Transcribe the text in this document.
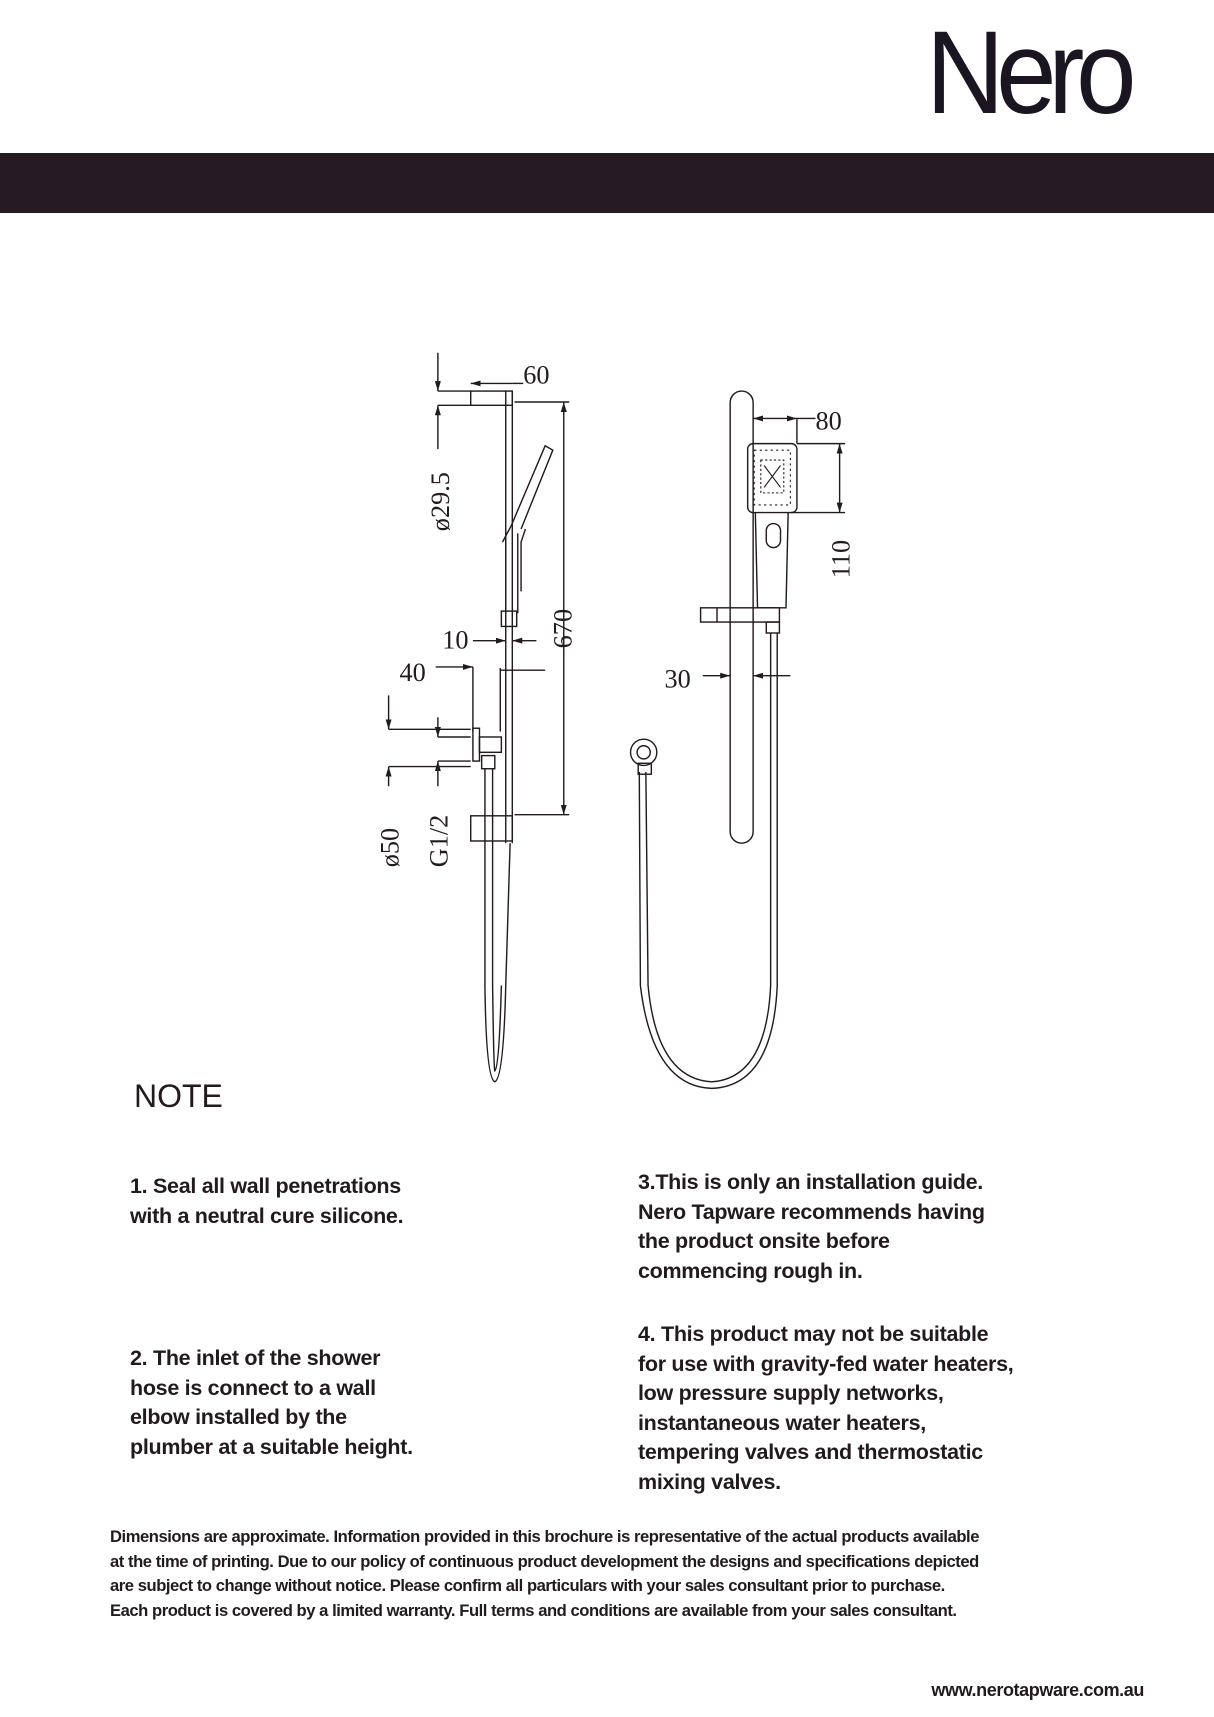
Nero
60
ø29.5
670
10
40
ø50 G1/2
80
110
30
NOTE
1. Seal all wall penetrations
with a neutral cure silicone.
2. The inlet of the shower
hose is connect to a wall
elbow installed by the
plumber at a suitable height.
3.This is only an installation guide.
Nero Tapware recommends having
the product onsite before
commencing rough in.
4. This product may not be suitable
for use with gravity-fed water heaters,
low pressure supply networks,
instantaneous water heaters,
tempering valves and thermostatic
mixing valves.
Dimensions are approximate. Information provided in this brochure is representative of the actual products available
at the time of printing. Due to our policy of continuous product development the designs and specifications depicted
are subject to change without notice. Please confirm all particulars with your sales consultant prior to purchase.
Each product is covered by a limited warranty. Full terms and conditions are available from your sales consultant.
www.nerotapware.com.au
